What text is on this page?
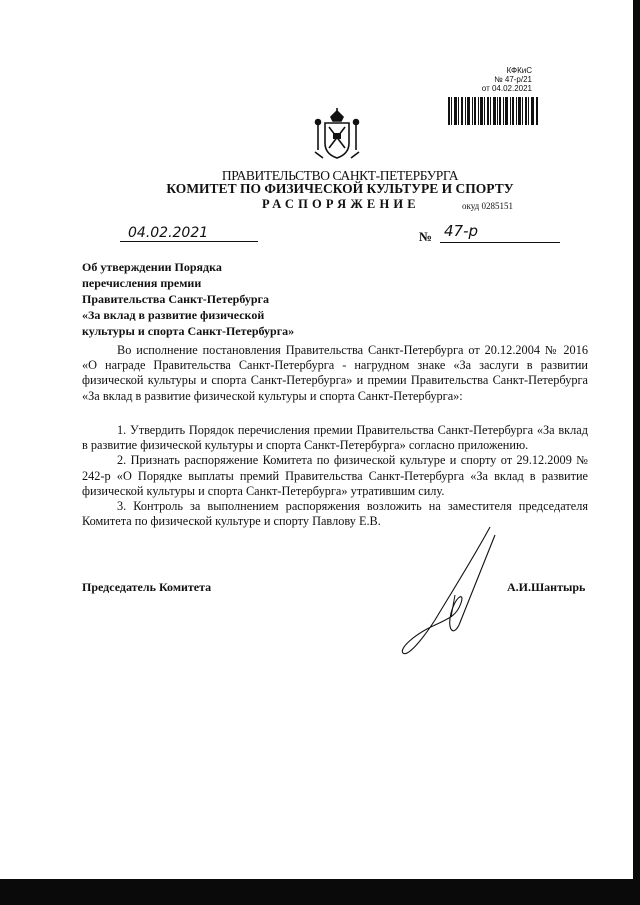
КФКиС
№ 47-р/21
от 04.02.2021
ПРАВИТЕЛЬСТВО САНКТ-ПЕТЕРБУРГА
КОМИТЕТ ПО ФИЗИЧЕСКОЙ КУЛЬТУРЕ И СПОРТУ
РАСПОРЯЖЕНИЕ	окуд 0285151
04.02.2021	№ 47-р
Об утверждении Порядка
перечисления премии
Правительства Санкт-Петербурга
«За вклад в развитие физической
культуры и спорта Санкт-Петербурга»
Во исполнение постановления Правительства Санкт-Петербурга от 20.12.2004 № 2016 «О награде Правительства Санкт-Петербурга - нагрудном знаке «За заслуги в развитии физической культуры и спорта Санкт-Петербурга» и премии Правительства Санкт-Петербурга «За вклад в развитие физической культуры и спорта Санкт-Петербурга»:
1. Утвердить Порядок перечисления премии Правительства Санкт-Петербурга «За вклад в развитие физической культуры и спорта Санкт-Петербурга» согласно приложению.
2. Признать распоряжение Комитета по физической культуре и спорту от 29.12.2009 № 242-р «О Порядке выплаты премий Правительства Санкт-Петербурга «За вклад в развитие физической культуры и спорта Санкт-Петербурга» утратившим силу.
3. Контроль за выполнением распоряжения возложить на заместителя председателя Комитета по физической культуре и спорту Павлову Е.В.
Председатель Комитета	А.И.Шантырь
